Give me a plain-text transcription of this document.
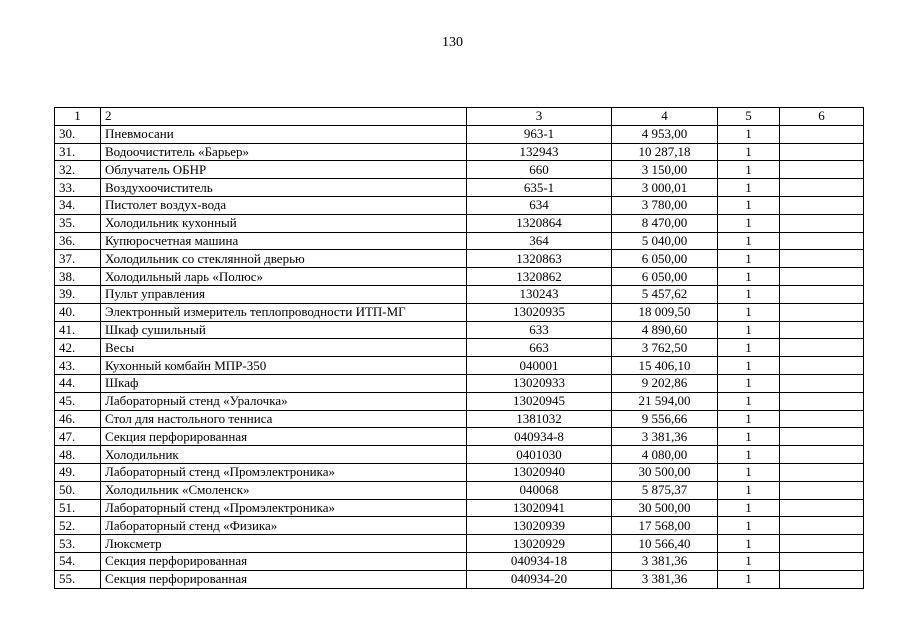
130
1	2	3	4	5	6
30.	Пневмосани	963-1	4 953,00	1	
31.	Водоочиститель «Барьер»	132943	10 287,18	1	
32.	Облучатель ОБНР	660	3 150,00	1	
33.	Воздухоочиститель	635-1	3 000,01	1	
34.	Пистолет воздух-вода	634	3 780,00	1	
35.	Холодильник кухонный	1320864	8 470,00	1	
36.	Купюросчетная машина	364	5 040,00	1	
37.	Холодильник со стеклянной дверью	1320863	6 050,00	1	
38.	Холодильный ларь «Полюс»	1320862	6 050,00	1	
39.	Пульт управления	130243	5 457,62	1	
40.	Электронный измеритель теплопроводности ИТП-МГ	13020935	18 009,50	1	
41.	Шкаф сушильный	633	4 890,60	1	
42.	Весы	663	3 762,50	1	
43.	Кухонный комбайн МПР-350	040001	15 406,10	1	
44.	Шкаф	13020933	9 202,86	1	
45.	Лабораторный стенд «Уралочка»	13020945	21 594,00	1	
46.	Стол для настольного тенниса	1381032	9 556,66	1	
47.	Секция перфорированная	040934-8	3 381,36	1	
48.	Холодильник	0401030	4 080,00	1	
49.	Лабораторный стенд «Промэлектроника»	13020940	30 500,00	1	
50.	Холодильник «Смоленск»	040068	5 875,37	1	
51.	Лабораторный стенд «Промэлектроника»	13020941	30 500,00	1	
52.	Лабораторный стенд «Физика»	13020939	17 568,00	1	
53.	Люксметр	13020929	10 566,40	1	
54.	Секция перфорированная	040934-18	3 381,36	1	
55.	Секция перфорированная	040934-20	3 381,36	1	
